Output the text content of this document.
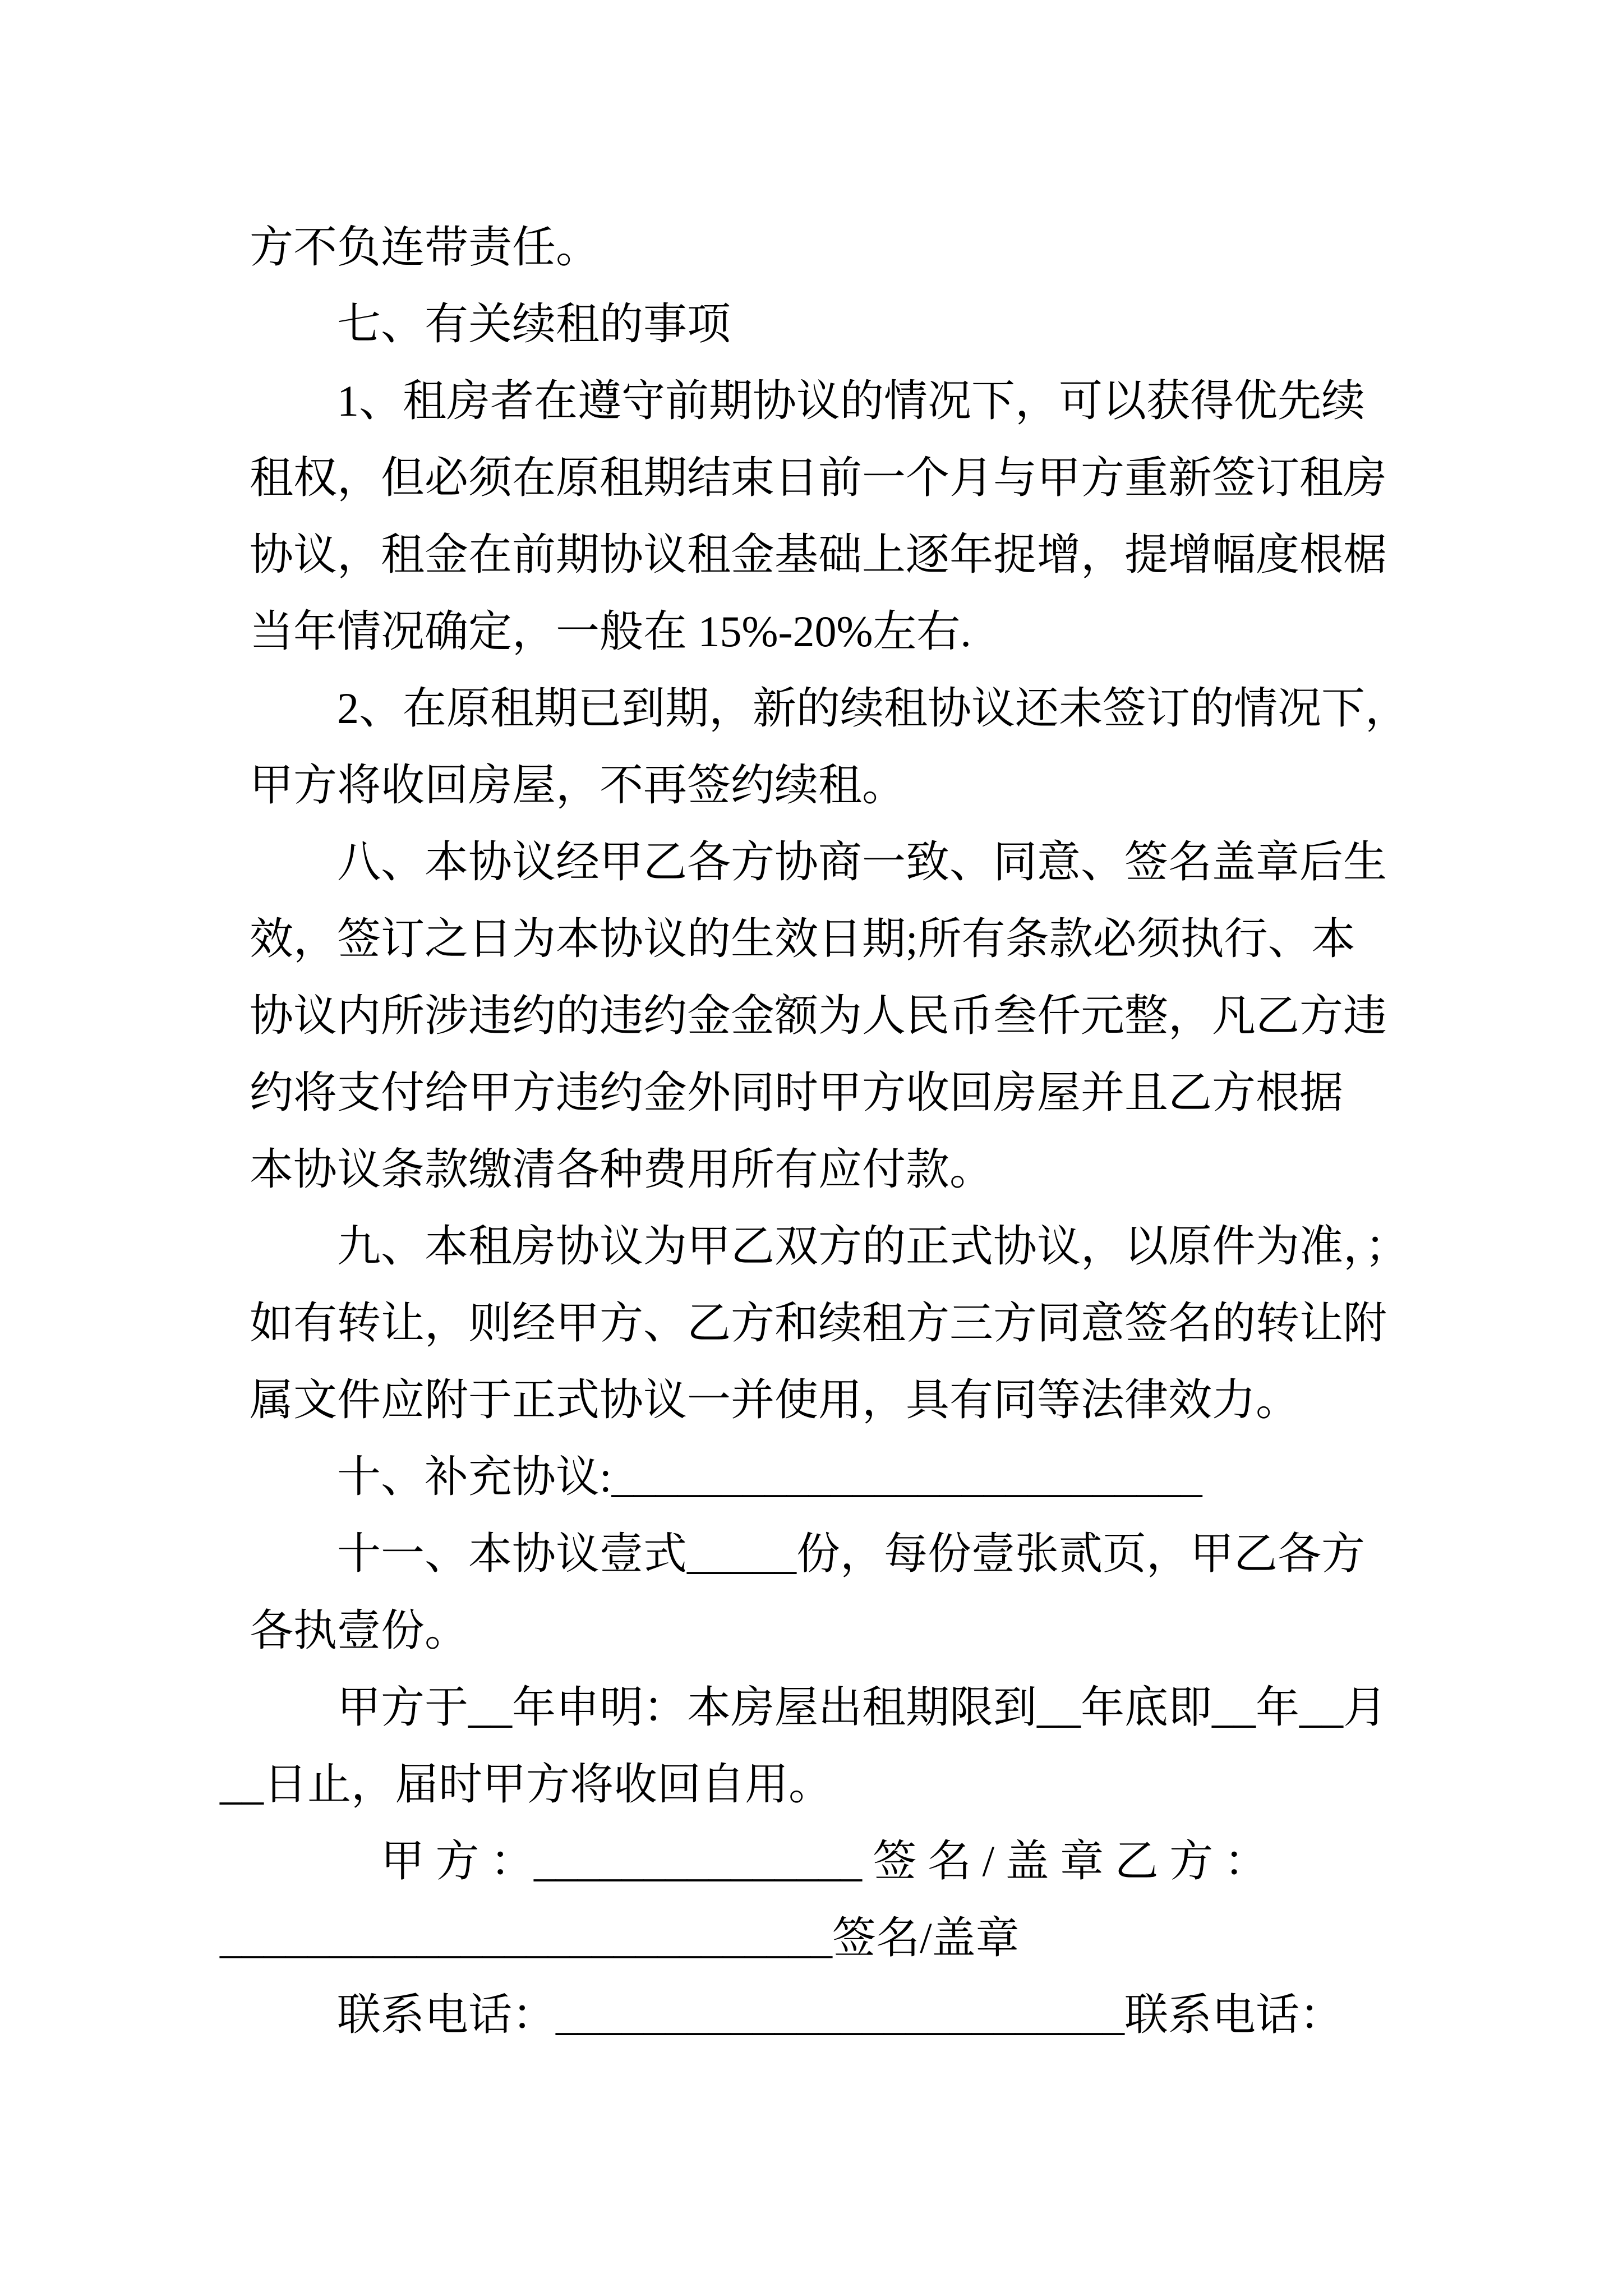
方不负连带责任。
七、有关续租的事项
1、租房者在遵守前期协议的情况下，可以获得优先续
租权，但必须在原租期结束日前一个月与甲方重新签订租房
协议，租金在前期协议租金基础上逐年捉增，提增幅度根椐
当年情况确定，一般在 15%-20%左右.
2、在原租期已到期，新的续租协议还未签订的情况下，
甲方将收回房屋，不再签约续租。
八、本协议经甲乙各方协商一致、同意、签名盖章后生
效，签订之日为本协议的生效日期;所有条款必须执行、本
协议内所涉违约的违约金金额为人民币叁仟元整，凡乙方违
约将支付给甲方违约金外同时甲方收回房屋并且乙方根据
本协议条款缴清各种费用所有应付款。
九、本租房协议为甲乙双方的正式协议，以原件为准，；
如有转让，则经甲方、乙方和续租方三方同意签名的转让附
属文件应附于正式协议一并使用，具有同等法律效力。
十、补充协议:___________________________
十一、本协议壹式_____份，每份壹张贰页，甲乙各方
各执壹份。
甲方于__年申明：本房屋出租期限到__年底即__年__月
__日止，届时甲方将收回自用。
甲 方 ：_______________ 签 名 / 盖 章 乙 方 ：
____________________________签名/盖章
联系电话：__________________________联系电话：
